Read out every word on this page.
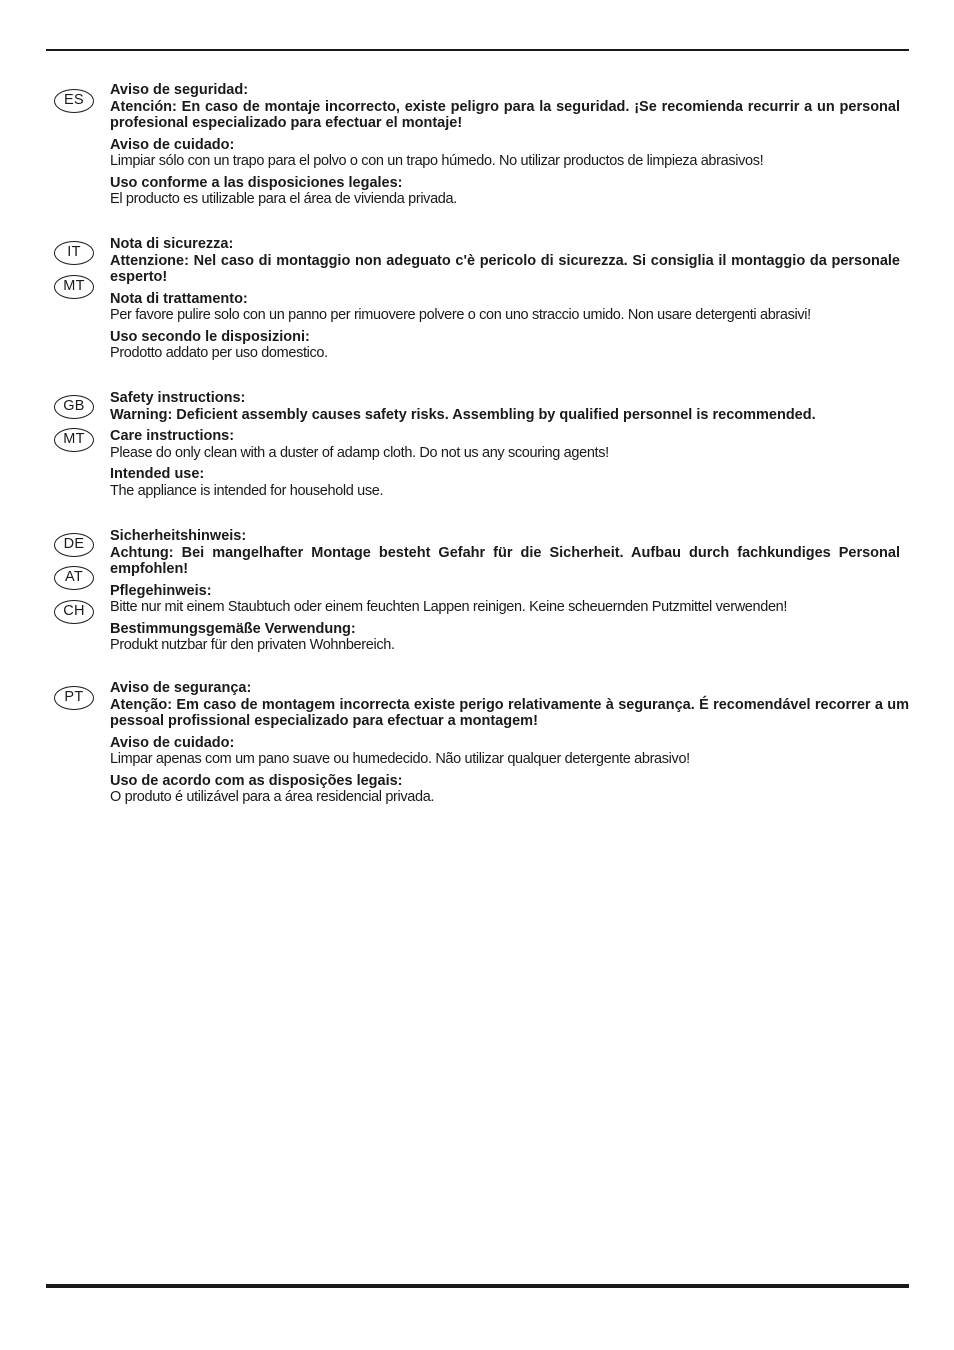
ES
Aviso de seguridad:
Atención: En caso de montaje incorrecto, existe peligro para la seguridad. ¡Se recomienda recurrir a un personal profesional especializado para efectuar el montaje!
Aviso de cuidado:
Limpiar sólo con un trapo para el polvo o con un trapo húmedo. No utilizar productos de limpieza abrasivos!
Uso conforme a las disposiciones legales:
El producto es utilizable para el área de vivienda privada.
IT
MT
Nota di sicurezza:
Attenzione: Nel caso di montaggio non adeguato c'è pericolo di sicurezza. Si consiglia il montaggio da personale esperto!
Nota di trattamento:
Per favore pulire solo con un panno per rimuovere polvere o con uno straccio umido. Non usare detergenti abrasivi!
Uso secondo le disposizioni:
Prodotto addato per uso domestico.
GB
MT
Safety instructions:
Warning: Deficient assembly causes safety risks. Assembling by qualified personnel is recommended.
Care instructions:
Please do only clean with a duster of adamp cloth. Do not us any scouring agents!
Intended use:
The appliance is intended for household use.
DE
AT
CH
Sicherheitshinweis:
Achtung: Bei mangelhafter Montage besteht Gefahr für die Sicherheit. Aufbau durch fachkundiges Personal empfohlen!
Pflegehinweis:
Bitte nur mit einem Staubtuch oder einem feuchten Lappen reinigen. Keine scheuernden Putzmittel verwenden!
Bestimmungsgemäße Verwendung:
Produkt nutzbar für den privaten Wohnbereich.
PT
Aviso de segurança:
Atenção: Em caso de montagem incorrecta existe perigo relativamente à segurança. É recomendável recorrer a um pessoal profissional especializado para efectuar a montagem!
Aviso de cuidado:
Limpar apenas com um pano suave ou humedecido. Não utilizar qualquer detergente abrasivo!
Uso de acordo com as disposições legais:
O produto é utilizável para a área residencial privada.
